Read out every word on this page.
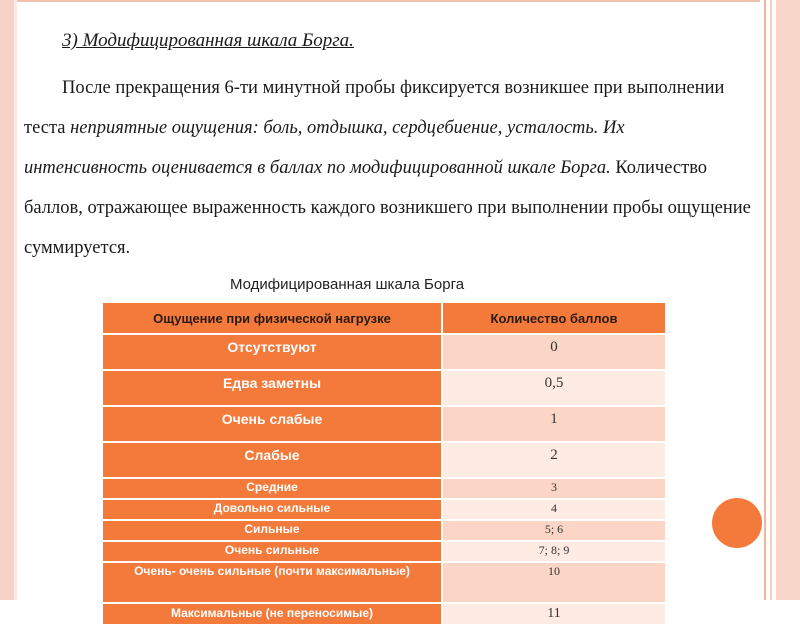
3) Модифицированная шкала Борга.
После прекращения 6-ти минутной пробы фиксируется возникшее при выполнении теста неприятные ощущения: боль, отдышка, сердцебиение, усталость. Их интенсивность оценивается в баллах по модифицированной шкале Борга. Количество баллов, отражающее выраженность каждого возникшего при выполнении пробы ощущение суммируется.
Модифицированная шкала Борга
Ощущение при физической нагрузке	Количество баллов
Отсутствуют	0
Едва заметны	0,5
Очень слабые	1
Слабые	2
Средние	3
Довольно сильные	4
Сильные	5; 6
Очень сильные	7; 8; 9
Очень- очень сильные (почти максимальные)	10
Максимальные (не переносимые)	11
